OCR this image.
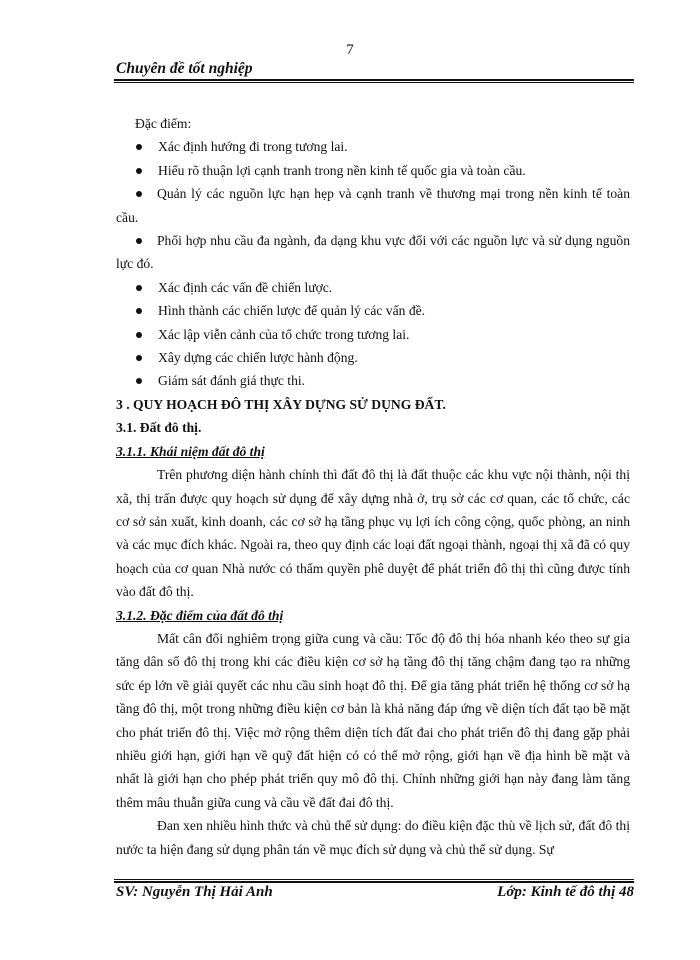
7
Chuyên đề tốt nghiệp

Đặc điểm:

Xác định hướng đi trong tương lai.

Hiểu rõ thuận lợi cạnh tranh trong nền kinh tế quốc gia và toàn cầu.

Quản lý các nguồn lực hạn hẹp và cạnh tranh về thương mại trong nền kinh tế toàn cầu.

Phối hợp nhu cầu đa ngành, đa dạng khu vực đối với các nguồn lực và sử dụng nguồn lực đó.

Xác định các vấn đề chiến lược.

Hình thành các chiến lược để quản lý các vấn đề.

Xác lập viễn cảnh của tổ chức trong tương lai.

Xây dựng các chiến lược hành động.

Giám sát đánh giá thực thi.

3 . QUY HOẠCH ĐÔ THỊ XÂY DỰNG SỬ DỤNG ĐẤT.

3.1. Đất đô thị.

3.1.1. Khái niệm đất đô thị

Trên phương diện hành chính thì đất đô thị là đất thuộc các khu vực nội thành, nội thị xã, thị trấn được quy hoạch sử dụng để xây dựng nhà ở, trụ sở các cơ quan, các tổ chức, các cơ sở sản xuất, kinh doanh, các cơ sở hạ tầng phục vụ lợi ích công cộng, quốc phòng, an ninh và các mục đích khác. Ngoài ra, theo quy định các loại đất ngoại thành, ngoại thị xã đã có quy hoạch của cơ quan Nhà nước có thẩm quyền phê duyệt để phát triển đô thị thì cũng được tính vào đất đô thị.

3.1.2. Đặc điểm của đất đô thị

Mất cân đối nghiêm trọng giữa cung và cầu: Tốc độ đô thị hóa nhanh kéo theo sự gia tăng dân số đô thị trong khi các điều kiện cơ sở hạ tầng đô thị tăng chậm đang tạo ra những sức ép lớn về giải quyết các nhu cầu sinh hoạt đô thị. Để gia tăng phát triển hệ thống cơ sở hạ tầng đô thị, một trong những điều kiện cơ bản là khả năng đáp ứng về diện tích đất tạo bề mặt cho phát triển đô thị. Việc mở rộng thêm diện tích đất đai cho phát triển đô thị đang gặp phải nhiều giới hạn, giới hạn về quỹ đất hiện có có thể mở rộng, giới hạn về địa hình bề mặt và nhất là giới hạn cho phép phát triển quy mô đô thị. Chính những giới hạn này đang làm tăng thêm mâu thuẫn giữa cung và cầu về đất đai đô thị.

Đan xen nhiều hình thức và chủ thể sử dụng: do điều kiện đặc thù về lịch sử, đất đô thị nước ta hiện đang sử dụng phân tán về mục đích sử dụng và chủ thể sử dụng. Sự

SV: Nguyễn Thị Hải Anh	Lớp: Kinh tế đô thị 48
